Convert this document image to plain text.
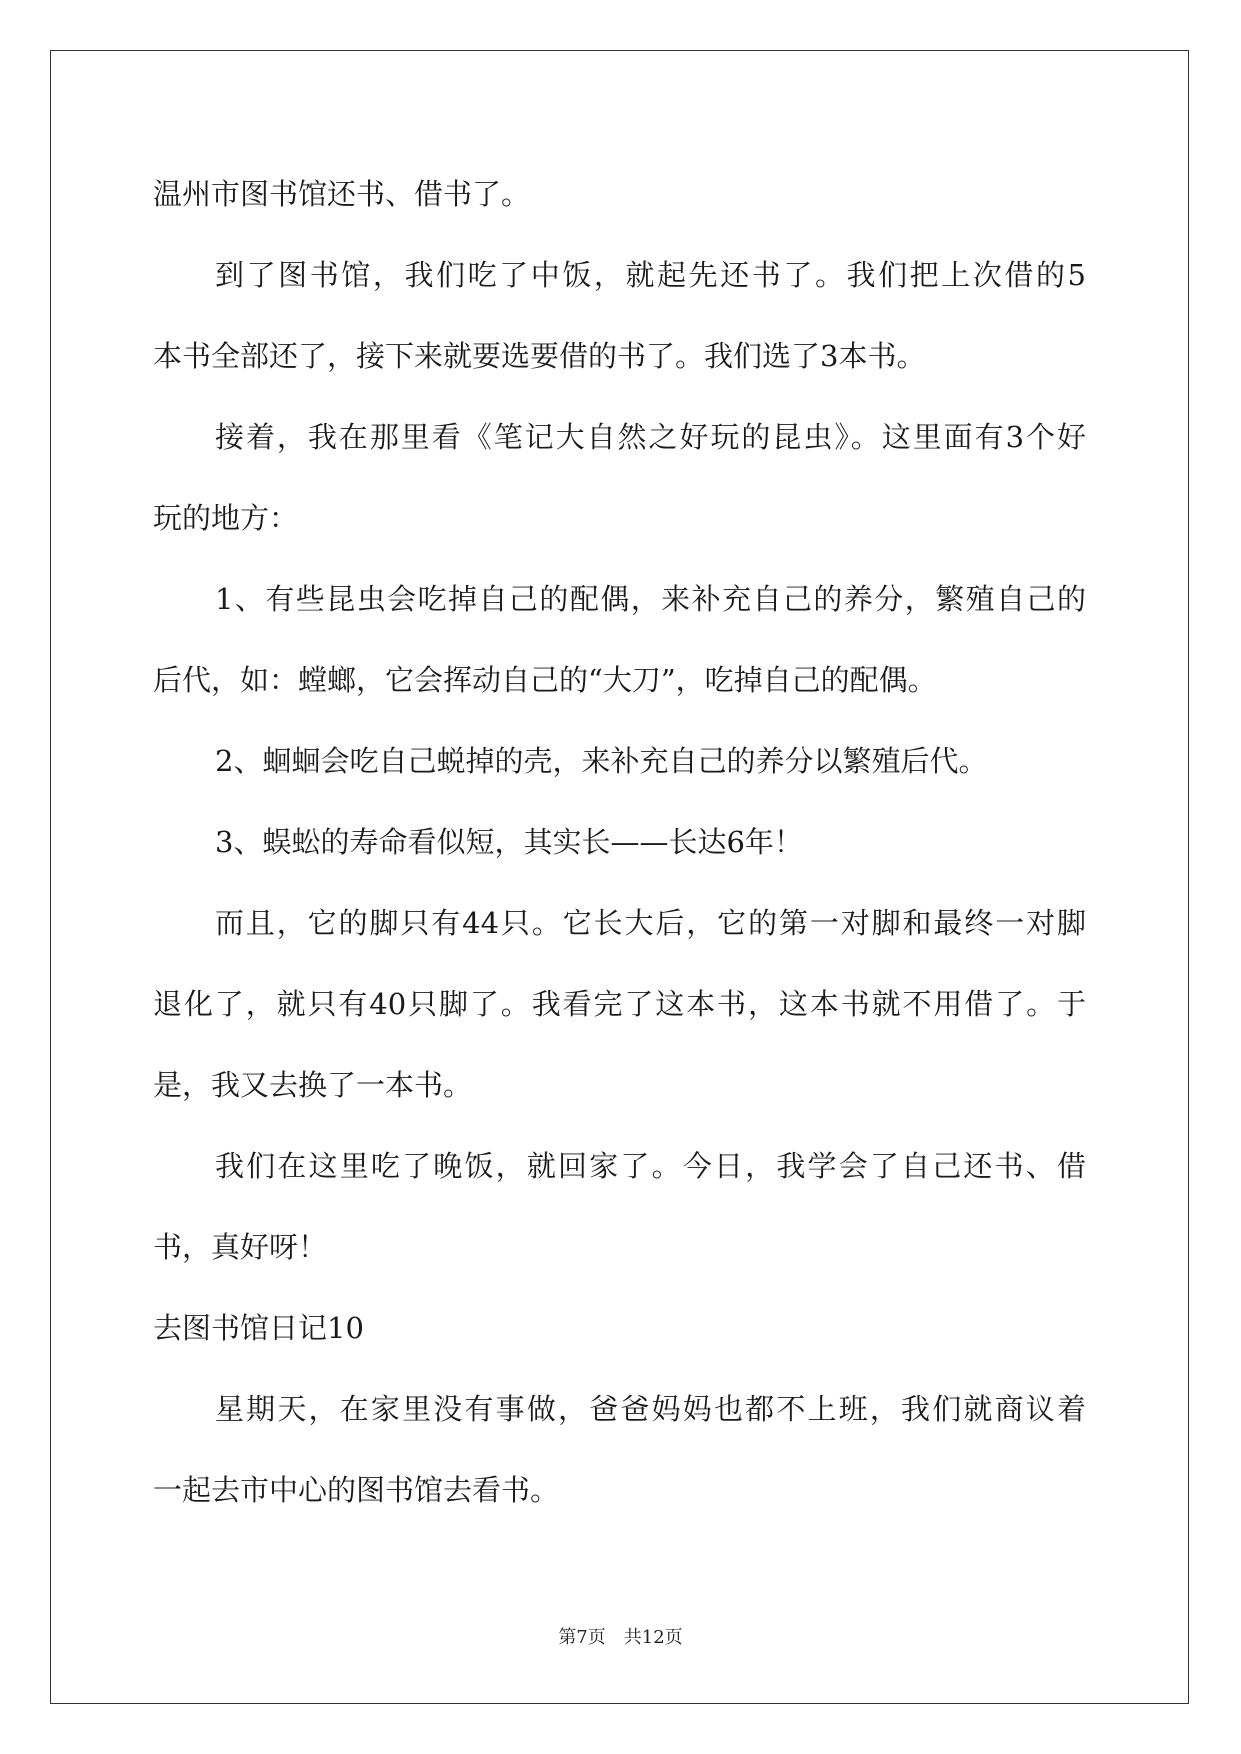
温州市图书馆还书、借书了。
到了图书馆，我们吃了中饭，就起先还书了。我们把上次借的5
本书全部还了，接下来就要选要借的书了。我们选了3本书。
接着，我在那里看《笔记大自然之好玩的昆虫》。这里面有3个好
玩的地方：
1、有些昆虫会吃掉自己的配偶，来补充自己的养分，繁殖自己的
后代，如：螳螂，它会挥动自己的“大刀”，吃掉自己的配偶。
2、蛔蛔会吃自己蜕掉的壳，来补充自己的养分以繁殖后代。
3、蜈蚣的寿命看似短，其实长——长达6年！
而且，它的脚只有44只。它长大后，它的第一对脚和最终一对脚
退化了，就只有40只脚了。我看完了这本书，这本书就不用借了。于
是，我又去换了一本书。
我们在这里吃了晚饭，就回家了。今日，我学会了自己还书、借
书，真好呀！
去图书馆日记10
星期天，在家里没有事做，爸爸妈妈也都不上班，我们就商议着
一起去市中心的图书馆去看书。
第7页　共12页
